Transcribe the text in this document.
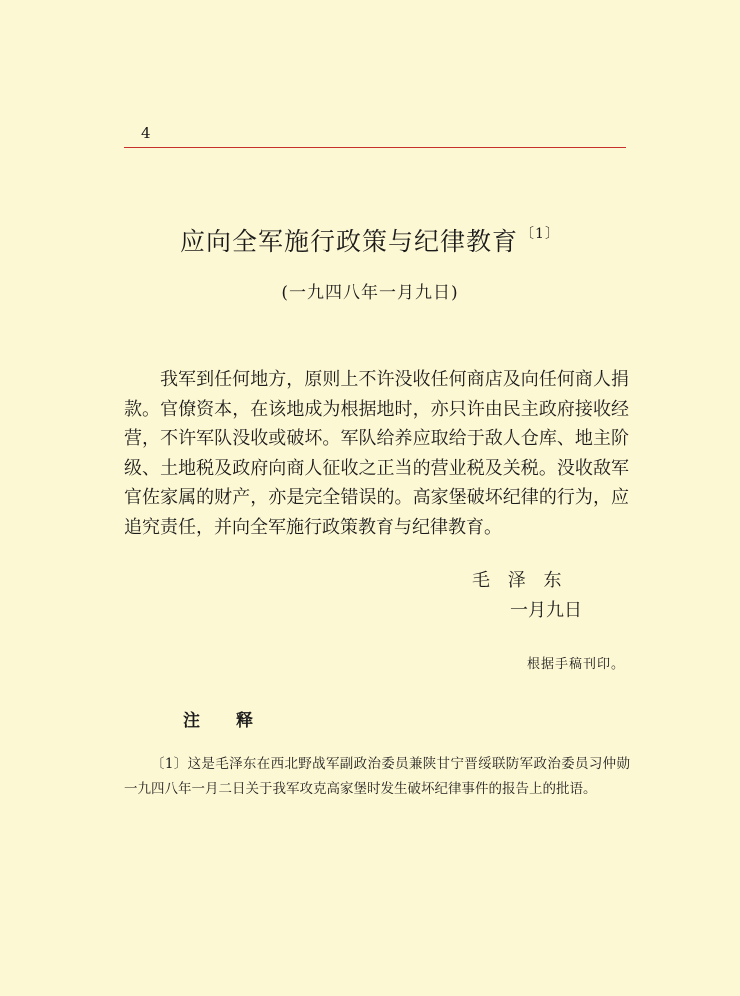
4
应向全军施行政策与纪律教育 $^{〔1〕}$
(一九四八年一月九日)

我军到任何地方，原则上不许没收任何商店及向任何商人捐款。官僚资本，在该地成为根据地时，亦只许由民主政府接收经营，不许军队没收或破坏。军队给养应取给于敌人仓库、地主阶级、土地税及政府向商人征收之正当的营业税及关税。没收敌军官佐家属的财产，亦是完全错误的。高家堡破坏纪律的行为，应追究责任，并向全军施行政策教育与纪律教育。

毛 泽 东
一月九日
根据手稿刊印。
注释

〔1〕这是毛泽东在西北野战军副政治委员兼陕甘宁晋绥联防军政治委员习仲勋一九四八年一月二日关于我军攻克高家堡时发生破坏纪律事件的报告上的批语。
